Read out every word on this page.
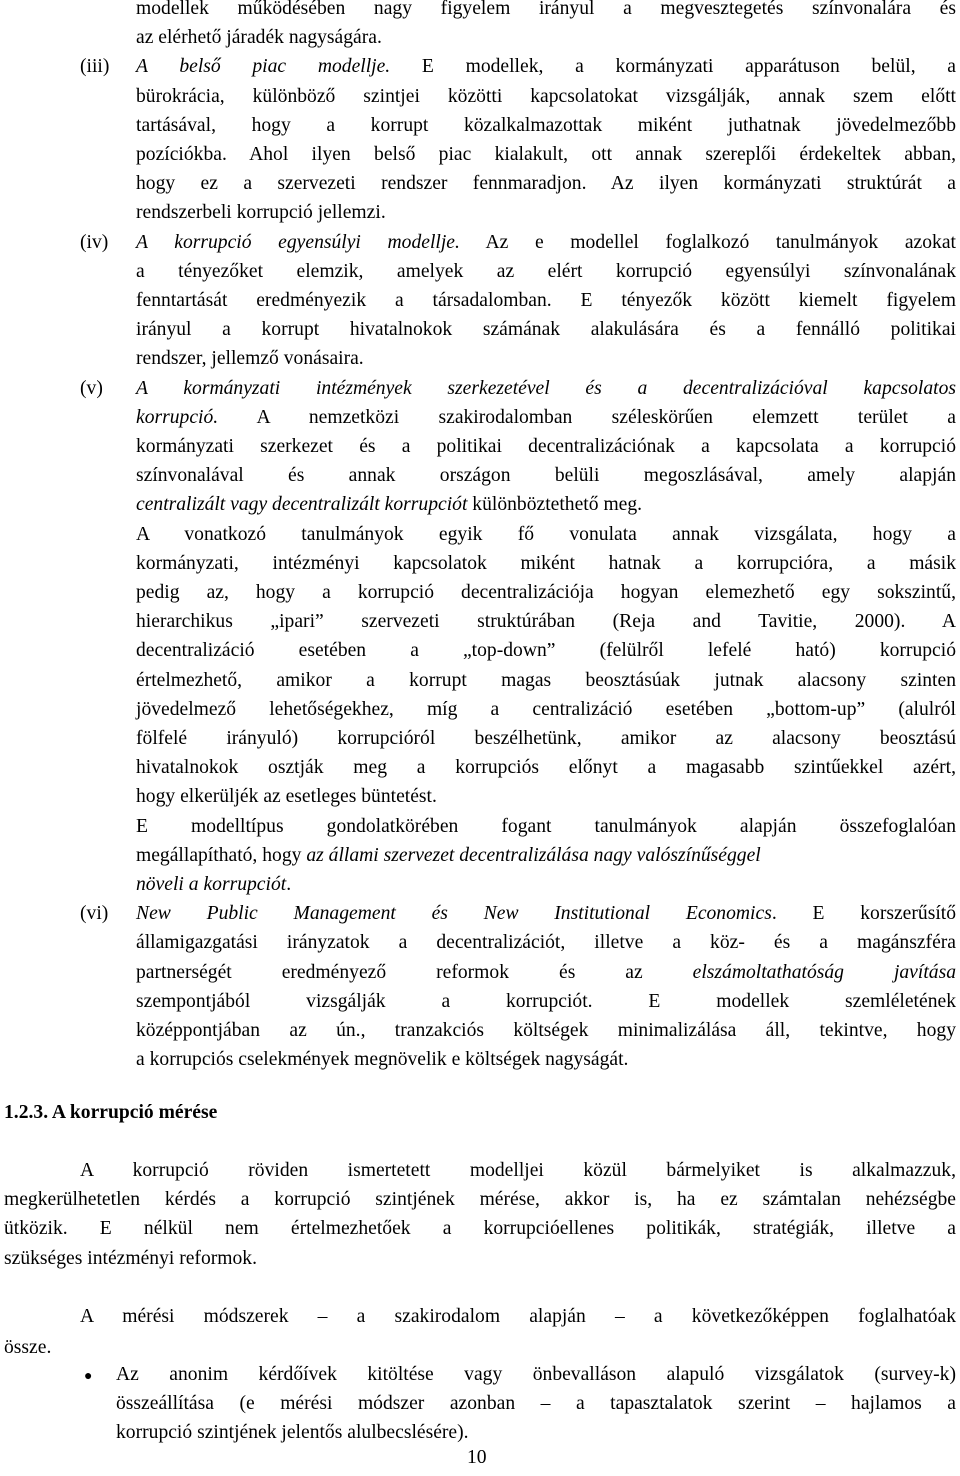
modellek működésében nagy figyelem irányul a megvesztegetés színvonalára és
az elérhető járadék nagyságára.
(iii) A belső piac modellje. E modellek, a kormányzati apparátuson belül, a
bürokrácia, különböző szintjei közötti kapcsolatokat vizsgálják, annak szem előtt
tartásával, hogy a korrupt közalkalmazottak miként juthatnak jövedelmezőbb
pozíciókba. Ahol ilyen belső piac kialakult, ott annak szereplői érdekeltek abban,
hogy ez a szervezeti rendszer fennmaradjon. Az ilyen kormányzati struktúrát a
rendszerbeli korrupció jellemzi.
(iv) A korrupció egyensúlyi modellje. Az e modellel foglalkozó tanulmányok azokat
a tényezőket elemzik, amelyek az elért korrupció egyensúlyi színvonalának
fenntartását eredményezik a társadalomban. E tényezők között kiemelt figyelem
irányul a korrupt hivatalnokok számának alakulására és a fennálló politikai
rendszer, jellemző vonásaira.
(v) A kormányzati intézmények szerkezetével és a decentralizációval kapcsolatos
korrupció. A nemzetközi szakirodalomban széleskörűen elemzett terület a
kormányzati szerkezet és a politikai decentralizációnak a kapcsolata a korrupció
színvonalával és annak országon belüli megoszlásával, amely alapján
centralizált vagy decentralizált korrupciót különböztethető meg.
A vonatkozó tanulmányok egyik fő vonulata annak vizsgálata, hogy a
kormányzati, intézményi kapcsolatok miként hatnak a korrupcióra, a másik
pedig az, hogy a korrupció decentralizációja hogyan elemezhető egy sokszintű,
hierarchikus „ipari” szervezeti struktúrában (Reja and Tavitie, 2000). A
decentralizáció esetében a „top-down” (felülről lefelé ható) korrupció
értelmezhető, amikor a korrupt magas beosztásúak jutnak alacsony szinten
jövedelmező lehetőségekhez, míg a centralizáció esetében „bottom-up” (alulról
fölfelé irányuló) korrupcióról beszélhetünk, amikor az alacsony beosztású
hivatalnokok osztják meg a korrupciós előnyt a magasabb szintűekkel azért,
hogy elkerüljék az esetleges büntetést.
E modelltípus gondolatkörében fogant tanulmányok alapján összefoglalóan
megállapítható, hogy az állami szervezet decentralizálása nagy valószínűséggel
növeli a korrupciót.
(vi) New Public Management és New Institutional Economics. E korszerűsítő
államigazgatási irányzatok a decentralizációt, illetve a köz- és a magánszféra
partnerségét eredményező reformok és az elszámoltathatóság javítása
szempontjából vizsgálják a korrupciót. E modellek szemléletének
középpontjában az ún., tranzakciós költségek minimalizálása áll, tekintve, hogy
a korrupciós cselekmények megnövelik e költségek nagyságát.
1.2.3. A korrupció mérése
A korrupció röviden ismertetett modelljei közül bármelyiket is alkalmazzuk,
megkerülhetetlen kérdés a korrupció szintjének mérése, akkor is, ha ez számtalan nehézségbe
ütközik. E nélkül nem értelmezhetőek a korrupcióellenes politikák, stratégiák, illetve a
szükséges intézményi reformok.
A mérési módszerek – a szakirodalom alapján – a következőképpen foglalhatóak
össze.
● Az anonim kérdőívek kitöltése vagy önbevalláson alapuló vizsgálatok (survey-k)
összeállítása (e mérési módszer azonban – a tapasztalatok szerint – hajlamos a
korrupció szintjének jelentős alulbecslésére).
10
